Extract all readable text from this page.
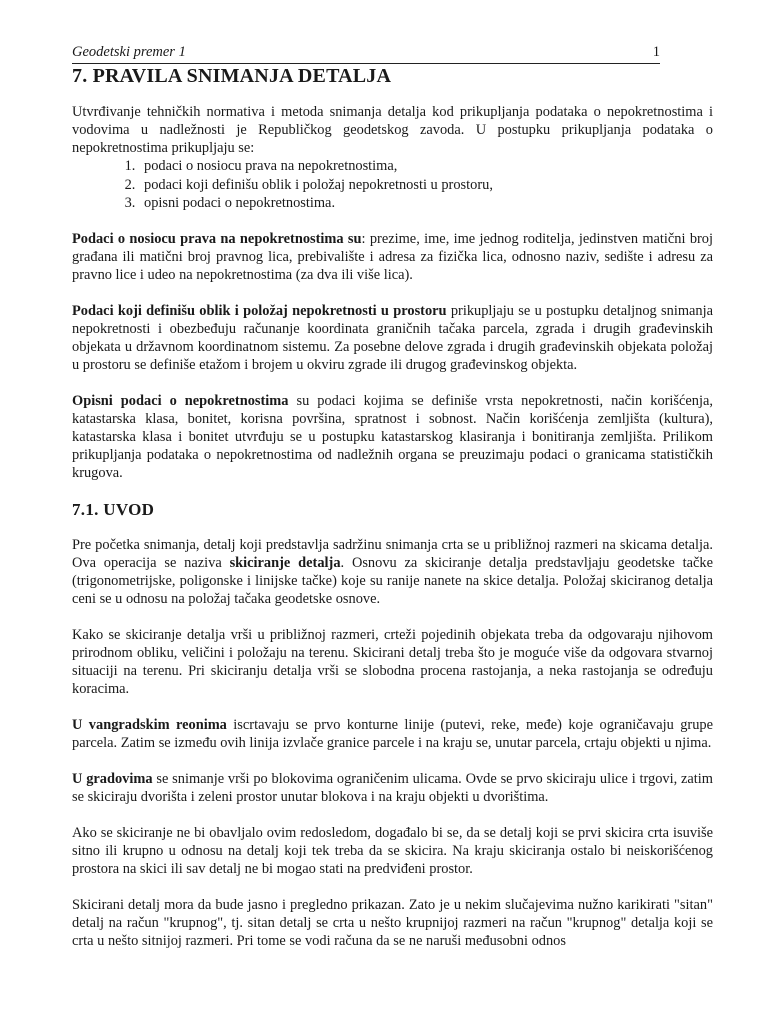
Geodetski premer 1	1
7. PRAVILA SNIMANJA DETALJA

Utvrđivanje tehničkih normativa i metoda snimanja detalja kod prikupljanja podataka o nepokretnostima i vodovima u nadležnosti je Republičkog geodetskog zavoda. U postupku prikupljanja podataka o nepokretnostima prikupljaju se:

1. podaci o nosiocu prava na nepokretnostima,
2. podaci koji definišu oblik i položaj nepokretnosti u prostoru,
3. opisni podaci o nepokretnostima.

Podaci o nosiocu prava na nepokretnostima su: prezime, ime, ime jednog roditelja, jedinstven matični broj građana ili matični broj pravnog lica, prebivalište i adresa za fizička lica, odnosno naziv, sedište i adresu za pravno lice i udeo na nepokretnostima (za dva ili više lica).

Podaci koji definišu oblik i položaj nepokretnosti u prostoru prikupljaju se u postupku detaljnog snimanja nepokretnosti i obezbeđuju računanje koordinata graničnih tačaka parcela, zgrada i drugih građevinskih objekata u državnom koordinatnom sistemu. Za posebne delove zgrada i drugih građevinskih objekata položaj u prostoru se definiše etažom i brojem u okviru zgrade ili drugog građevinskog objekta.

Opisni podaci o nepokretnostima su podaci kojima se definiše vrsta nepokretnosti, način korišćenja, katastarska klasa, bonitet, korisna površina, spratnost i sobnost. Način korišćenja zemljišta (kultura), katastarska klasa i bonitet utvrđuju se u postupku katastarskog klasiranja i bonitiranja zemljišta. Prilikom prikupljanja podataka o nepokretnostima od nadležnih organa se preuzimaju podaci o granicama statističkih krugova.

7.1. UVOD

Pre početka snimanja, detalj koji predstavlja sadržinu snimanja crta se u približnoj razmeri na skicama detalja. Ova operacija se naziva skiciranje detalja. Osnovu za skiciranje detalja predstavljaju geodetske tačke (trigonometrijske, poligonske i linijske tačke) koje su ranije nanete na skice detalja. Položaj skiciranog detalja ceni se u odnosu na položaj tačaka geodetske osnove.

Kako se skiciranje detalja vrši u približnoj razmeri, crteži pojedinih objekata treba da odgovaraju njihovom prirodnom obliku, veličini i položaju na terenu. Skicirani detalj treba što je moguće više da odgovara stvarnoj situaciji na terenu. Pri skiciranju detalja vrši se slobodna procena rastojanja, a neka rastojanja se određuju koracima.

U vangradskim reonima iscrtavaju se prvo konturne linije (putevi, reke, međe) koje ograničavaju grupe parcela. Zatim se između ovih linija izvlače granice parcele i na kraju se, unutar parcela, crtaju objekti u njima.

U gradovima se snimanje vrši po blokovima ograničenim ulicama. Ovde se prvo skiciraju ulice i trgovi, zatim se skiciraju dvorišta i zeleni prostor unutar blokova i na kraju objekti u dvorištima.

Ako se skiciranje ne bi obavljalo ovim redosledom, događalo bi se, da se detalj koji se prvi skicira crta isuviše sitno ili krupno u odnosu na detalj koji tek treba da se skicira. Na kraju skiciranja ostalo bi neiskorišćenog prostora na skici ili sav detalj ne bi mogao stati na predviđeni prostor.

Skicirani detalj mora da bude jasno i pregledno prikazan. Zato je u nekim slučajevima nužno karikirati "sitan" detalj na račun "krupnog", tj. sitan detalj se crta u nešto krupnijoj razmeri na račun "krupnog" detalja koji se crta u nešto sitnijoj razmeri. Pri tome se vodi računa da se ne naruši međusobni odnos
